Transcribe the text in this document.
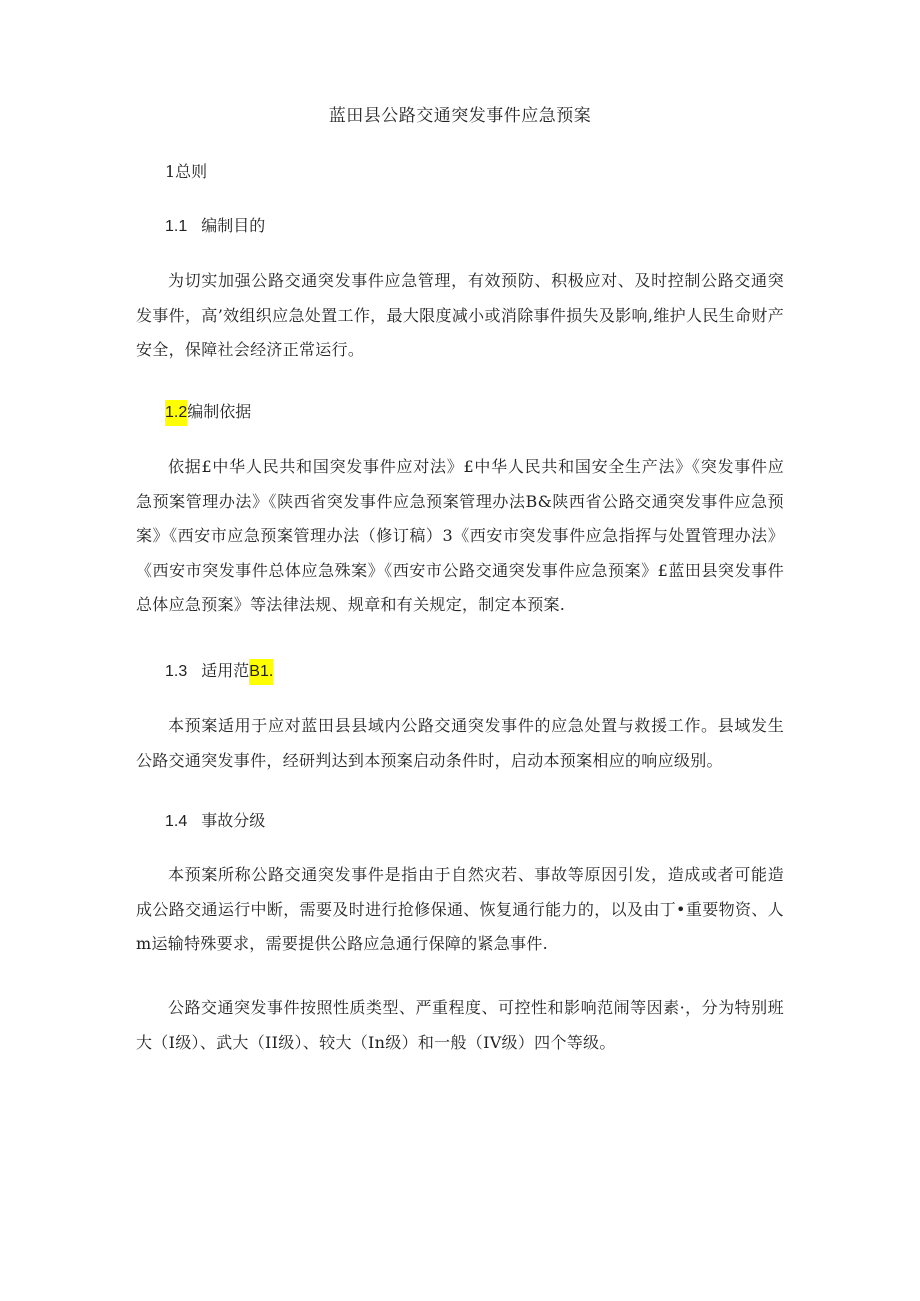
蓝田县公路交通突发事件应急预案
1总则
1.1 编制目的
为切实加强公路交通突发事件应急管理，有效预防、积极应对、及时控制公路交通突发事件，高’效组织应急处置工作，最大限度减小或消除事件损失及影响,维护人民生命财产安全，保障社会经济正常运行。
1.2编制依据
依据£中华人民共和国突发事件应对法》£中华人民共和国安全生产法》《突发事件应急预案管理办法》《陕西省突发事件应急预案管理办法B&陕西省公路交通突发事件应急预案》《西安市应急预案管理办法（修订稿）3《西安市突发事件应急指挥与处置管理办法》《西安市突发事件总体应急殊案》《西安市公路交通突发事件应急预案》£蓝田县突发事件总体应急预案》等法律法规、规章和有关规定，制定本预案.
1.3 适用范B1.
本预案适用于应对蓝田县县域内公路交通突发事件的应急处置与救援工作。县域发生公路交通突发事件，经研判达到本预案启动条件时，启动本预案相应的响应级别。
1.4 事故分级
本预案所称公路交通突发事件是指由于自然灾若、事故等原因引发，造成或者可能造成公路交通运行中断，需要及时进行抢修保通、恢复通行能力的，以及由丁•重要物资、人m运输特殊要求，需要提供公路应急通行保障的紧急事件.
公路交通突发事件按照性质类型、严重程度、可控性和影响范闹等因素·，分为特别班大（I级）、武大（II级）、较大（In级）和一般（IV级）四个等级。
